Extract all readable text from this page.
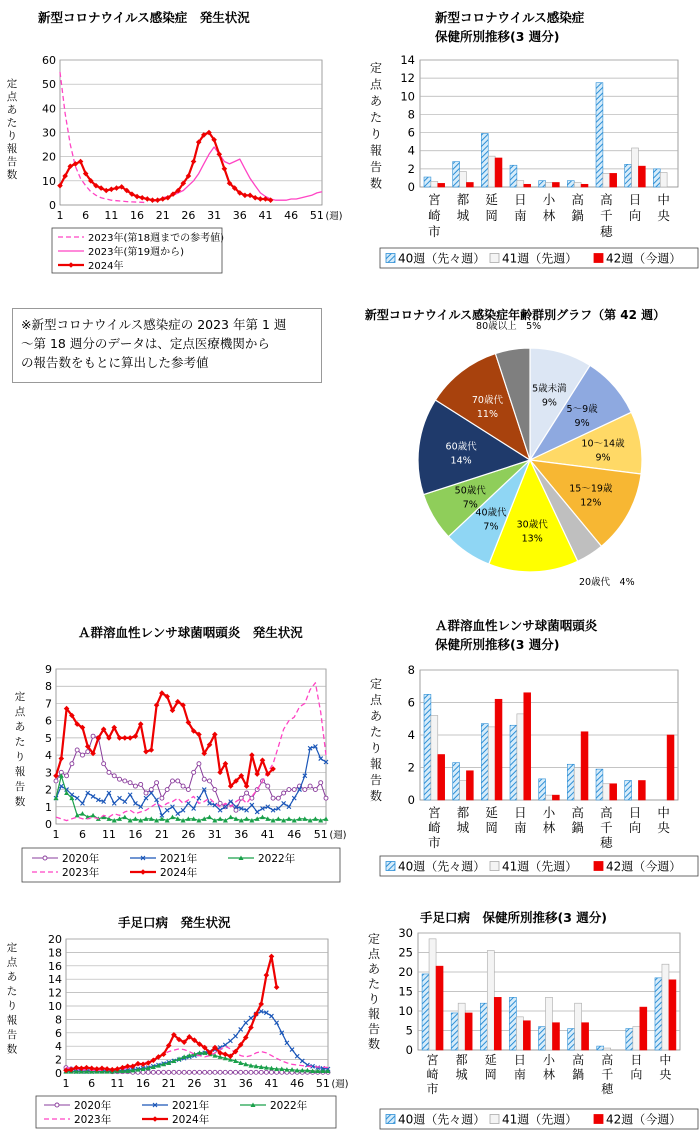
新型コロナウイルス感染症　発生状況
0
10
20
30
40
50
60
1 6 11 16 21 26 31 36 41 46 51 (週)
定
点
あ
た
り
報
告
数
2023年(第18週までの参考値)
2023年(第19週から)
2024年
新型コロナウイルス感染症
保健所別推移(3 週分)
0
2
4
6
8
10
12
14
定
点
あ
た
り
報
告
数
宮
崎
市
都
城
延
岡
日
南
小
林
高
鍋
高
千
穂
日
向
中
央
40週（先々週） 41週（先週） 42週（今週）
※新型コロナウイルス感染症の 2023 年第 1 週
～第 18 週分のデータは、定点医療機関から
の報告数をもとに算出した参考値
新型コロナウイルス感染症年齢群別グラフ（第 42 週）
5歳未満
9%
5～9歳
9%
10～14歳
9%
15～19歳
12%
20歳代　4%
30歳代
13%
40歳代
7%
50歳代
7%
60歳代
14%
70歳代
11%
80歳以上　5%
Ａ群溶血性レンサ球菌咽頭炎　発生状況
0
1
2
3
4
5
6
7
8
9
1 6 11 16 21 26 31 36 41 46 51 (週)
定
点
あ
た
り
報
告
数
2020年	2021年	2022年
2023年	2024年
Ａ群溶血性レンサ球菌咽頭炎
保健所別推移(3 週分)
0
2
4
6
8
定
点
あ
た
り
報
告
数
宮
崎
市
都
城
延
岡
日
南
小
林
高
鍋
高
千
穂
日
向
中
央
40週（先々週） 41週（先週） 42週（今週）
手足口病　発生状況
0
2
4
6
8
10
12
14
16
18
20
1 6 11 16 21 26 31 36 41 46 51 (週)
定
点
あ
た
り
報
告
数
2020年	2021年	2022年
2023年	2024年
手足口病　保健所別推移(3 週分)
0
5
10
15
20
25
30
定
点
あ
た
り
報
告
数
宮
崎
市
都
城
延
岡
日
南
小
林
高
鍋
高
千
穂
日
向
中
央
40週（先々週） 41週（先週） 42週（今週）
